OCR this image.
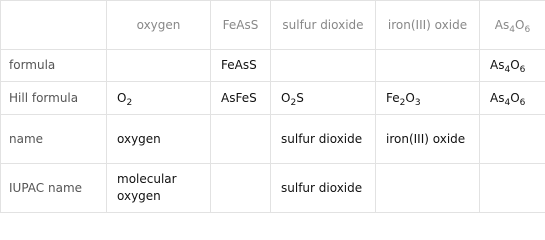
	oxygen	FeAsS	sulfur dioxide	iron(III) oxide	$As_4O_6$
formula		FeAsS			$As_4O_6$
Hill formula	$O_2$	AsFeS	$O_2S$	$Fe_2O_3$	$As_4O_6$
name	oxygen		sulfur dioxide	iron(III) oxide	
IUPAC name	molecular oxygen		sulfur dioxide		
